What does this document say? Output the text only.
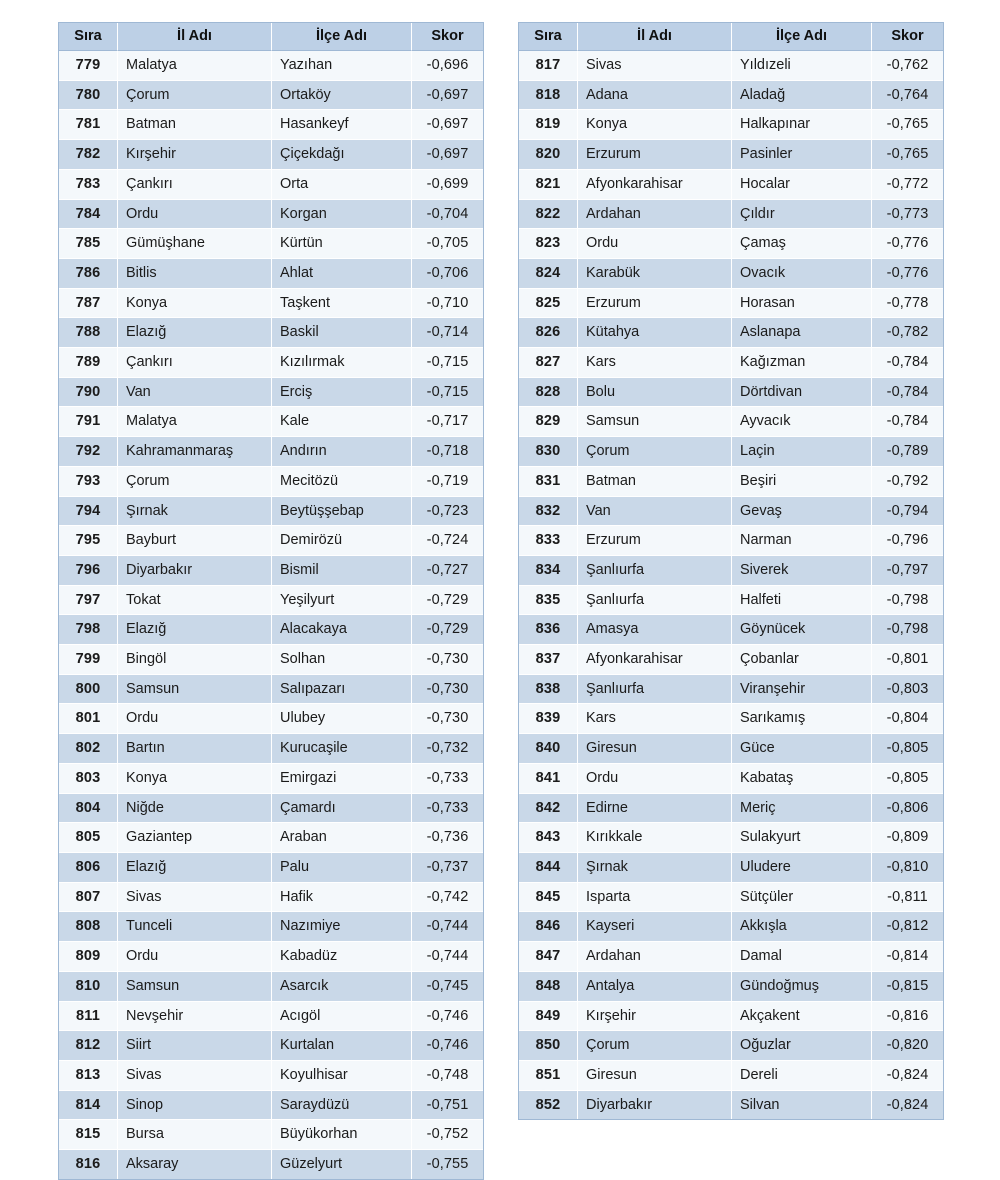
Sıra	İl Adı	İlçe Adı	Skor
779	Malatya	Yazıhan	-0,696
780	Çorum	Ortaköy	-0,697
781	Batman	Hasankeyf	-0,697
782	Kırşehir	Çiçekdağı	-0,697
783	Çankırı	Orta	-0,699
784	Ordu	Korgan	-0,704
785	Gümüşhane	Kürtün	-0,705
786	Bitlis	Ahlat	-0,706
787	Konya	Taşkent	-0,710
788	Elazığ	Baskil	-0,714
789	Çankırı	Kızılırmak	-0,715
790	Van	Erciş	-0,715
791	Malatya	Kale	-0,717
792	Kahramanmaraş	Andırın	-0,718
793	Çorum	Mecitözü	-0,719
794	Şırnak	Beytüşşebap	-0,723
795	Bayburt	Demirözü	-0,724
796	Diyarbakır	Bismil	-0,727
797	Tokat	Yeşilyurt	-0,729
798	Elazığ	Alacakaya	-0,729
799	Bingöl	Solhan	-0,730
800	Samsun	Salıpazarı	-0,730
801	Ordu	Ulubey	-0,730
802	Bartın	Kurucaşile	-0,732
803	Konya	Emirgazi	-0,733
804	Niğde	Çamardı	-0,733
805	Gaziantep	Araban	-0,736
806	Elazığ	Palu	-0,737
807	Sivas	Hafik	-0,742
808	Tunceli	Nazımiye	-0,744
809	Ordu	Kabadüz	-0,744
810	Samsun	Asarcık	-0,745
811	Nevşehir	Acıgöl	-0,746
812	Siirt	Kurtalan	-0,746
813	Sivas	Koyulhisar	-0,748
814	Sinop	Saraydüzü	-0,751
815	Bursa	Büyükorhan	-0,752
816	Aksaray	Güzelyurt	-0,755
Sıra	İl Adı	İlçe Adı	Skor
817	Sivas	Yıldızeli	-0,762
818	Adana	Aladağ	-0,764
819	Konya	Halkapınar	-0,765
820	Erzurum	Pasinler	-0,765
821	Afyonkarahisar	Hocalar	-0,772
822	Ardahan	Çıldır	-0,773
823	Ordu	Çamaş	-0,776
824	Karabük	Ovacık	-0,776
825	Erzurum	Horasan	-0,778
826	Kütahya	Aslanapa	-0,782
827	Kars	Kağızman	-0,784
828	Bolu	Dörtdivan	-0,784
829	Samsun	Ayvacık	-0,784
830	Çorum	Laçin	-0,789
831	Batman	Beşiri	-0,792
832	Van	Gevaş	-0,794
833	Erzurum	Narman	-0,796
834	Şanlıurfa	Siverek	-0,797
835	Şanlıurfa	Halfeti	-0,798
836	Amasya	Göynücek	-0,798
837	Afyonkarahisar	Çobanlar	-0,801
838	Şanlıurfa	Viranşehir	-0,803
839	Kars	Sarıkamış	-0,804
840	Giresun	Güce	-0,805
841	Ordu	Kabataş	-0,805
842	Edirne	Meriç	-0,806
843	Kırıkkale	Sulakyurt	-0,809
844	Şırnak	Uludere	-0,810
845	Isparta	Sütçüler	-0,811
846	Kayseri	Akkışla	-0,812
847	Ardahan	Damal	-0,814
848	Antalya	Gündoğmuş	-0,815
849	Kırşehir	Akçakent	-0,816
850	Çorum	Oğuzlar	-0,820
851	Giresun	Dereli	-0,824
852	Diyarbakır	Silvan	-0,824
